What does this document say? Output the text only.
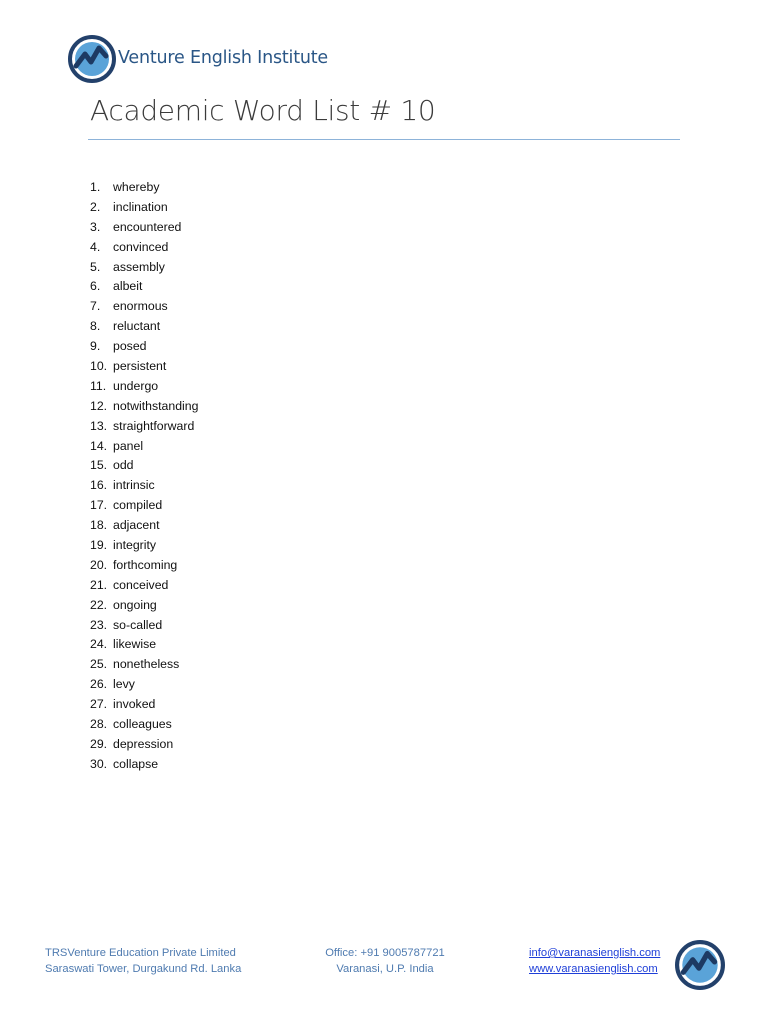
Venture English Institute
Academic Word List # 10
1. whereby
2. inclination
3. encountered
4. convinced
5. assembly
6. albeit
7. enormous
8. reluctant
9. posed
10. persistent
11. undergo
12. notwithstanding
13. straightforward
14. panel
15. odd
16. intrinsic
17. compiled
18. adjacent
19. integrity
20. forthcoming
21. conceived
22. ongoing
23. so-called
24. likewise
25. nonetheless
26. levy
27. invoked
28. colleagues
29. depression
30. collapse
TRSVenture Education Private Limited
Saraswati Tower, Durgakund Rd. Lanka
Office: +91 9005787721
Varanasi, U.P. India
info@varanasienglish.com
www.varanasienglish.com
